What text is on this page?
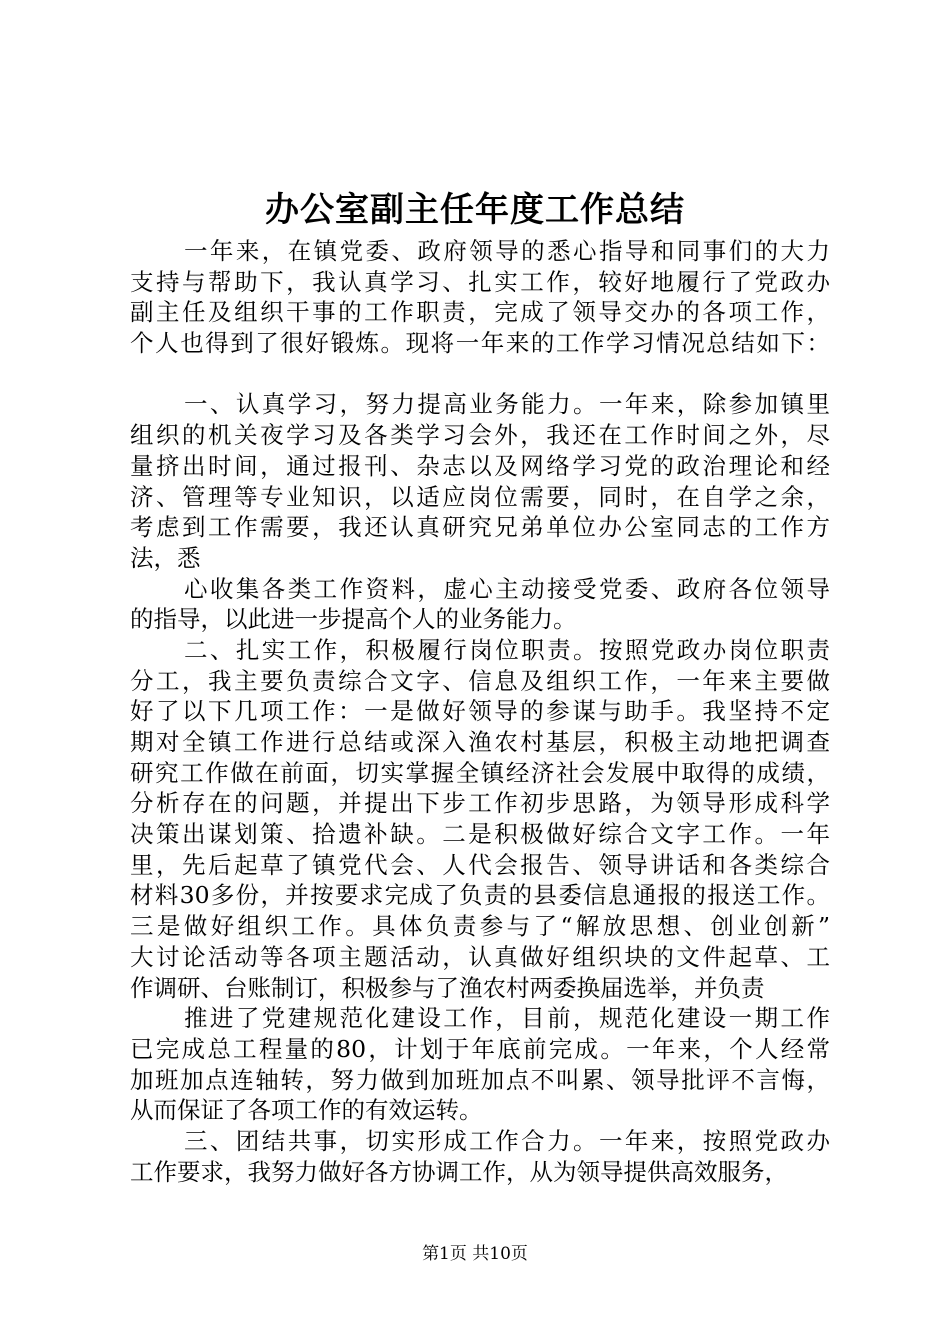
办公室副主任年度工作总结
一年来，在镇党委、政府领导的悉心指导和同事们的大力
支持与帮助下，我认真学习、扎实工作，较好地履行了党政办
副主任及组织干事的工作职责，完成了领导交办的各项工作，
个人也得到了很好锻炼。现将一年来的工作学习情况总结如下：
一、认真学习，努力提高业务能力。一年来，除参加镇里
组织的机关夜学习及各类学习会外，我还在工作时间之外，尽
量挤出时间，通过报刊、杂志以及网络学习党的政治理论和经
济、管理等专业知识，以适应岗位需要，同时，在自学之余，
考虑到工作需要，我还认真研究兄弟单位办公室同志的工作方
法，悉
心收集各类工作资料，虚心主动接受党委、政府各位领导
的指导，以此进一步提高个人的业务能力。
二、扎实工作，积极履行岗位职责。按照党政办岗位职责
分工，我主要负责综合文字、信息及组织工作，一年来主要做
好了以下几项工作：一是做好领导的参谋与助手。我坚持不定
期对全镇工作进行总结或深入渔农村基层，积极主动地把调查
研究工作做在前面，切实掌握全镇经济社会发展中取得的成绩，
分析存在的问题，并提出下步工作初步思路，为领导形成科学
决策出谋划策、拾遗补缺。二是积极做好综合文字工作。一年
里，先后起草了镇党代会、人代会报告、领导讲话和各类综合
材料30多份，并按要求完成了负责的县委信息通报的报送工作。
三是做好组织工作。具体负责参与了“解放思想、创业创新”
大讨论活动等各项主题活动，认真做好组织块的文件起草、工
作调研、台账制订，积极参与了渔农村两委换届选举，并负责
推进了党建规范化建设工作，目前，规范化建设一期工作
已完成总工程量的80，计划于年底前完成。一年来，个人经常
加班加点连轴转，努力做到加班加点不叫累、领导批评不言悔，
从而保证了各项工作的有效运转。
三、团结共事，切实形成工作合力。一年来，按照党政办
工作要求，我努力做好各方协调工作，从为领导提供高效服务，
第1页 共10页
